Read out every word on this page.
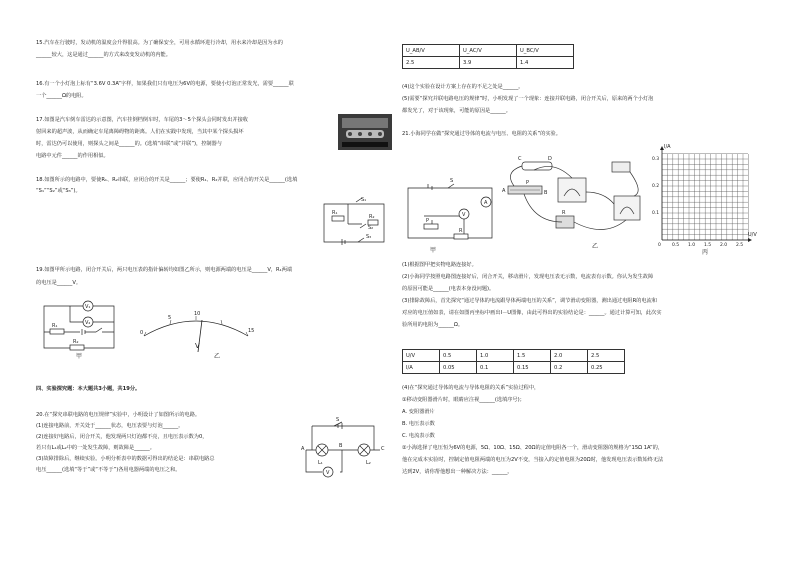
15.汽车在行驶时，发动机的温度会升得很高。为了确保安全，可用水循环进行冷却，用水来冷却是因为水的
______较大，这是通过______的方式来改变发动机的内能。
16.有一个小灯泡上标有“3.6V 0.3A”字样，如果我们只有电压为6V的电源，要使小灯泡正常发光，需要______联
一个______Ω的电阻。
17.如图是汽车倒车雷达的示意图，汽车挂倒档倒车时，车尾的3～5个探头会同时发出并接收
射回来的超声波，从而确定车尾离障碍物的距离。人们在实践中发现，当其中某个探头损坏
时，雷达仍可以使用，则探头之间是______的。(选填“串联”或“并联”)，控制器与
电路中元件______的作用相似。
18.如图所示的电路中，要使R₁、R₂串联，应闭合的开关是______；要使R₁、R₂并联，应闭合的开关是______(选填
“S₁”“S₂”或“S₃”)。
S₁
S₂
S₃
R₁
R₂
19.如图甲所示电路，闭合开关后，两只电压表的指针偏转均如图乙所示，则电源两端的电压是______V，R₁两端
的电压是______V。
V₁
V₂
R₁
R₂
甲
0
5
10
15
V
乙
四、实验探究题：本大题共3小题，共19分。
20.在“探究串联电路的电压规律”实验中，小明设计了如图所示的电路。
(1)连接电路前，开关处于______状态，电压表要与灯泡______。
(2)连接好电路后，闭合开关，他发现两只灯泡都不亮，且电压表示数为0，
若只有L₁或L₂中的一处发生故障，则故障是______。
(3)故障排除后，继续实验。小明分析表中的数据可得出的结论是：串联电路总
电压______(选填“等于”或“不等于”)各用电器两端的电压之和。
A	B	C
S
L₁	L₂
V
U_AB/V	U_AC/V	U_BC/V
2.5	3.9	1.4
(4)这个实验在设计方案上存在的不足之处是______。
(5)需要“探究并联电路电压的规律”时，小明发现了一个现象：连接并联电路，闭合开关后，原来的两个小灯泡
都发光了，对于该现象，可能的原因是______。
21.小海同学在做“探究通过导体的电流与电压、电阻的关系”的实验。
S
A
V
P
R
甲
C	D
A	B
P
R
乙
I/A
U/V
0.3
0.2
0.1
0 0.5 1.0 1.5 2.0 2.5
丙
(1)根据图甲把实物电路连接好。
(2)小海同学按照电路图连接好后，闭合开关，移动滑片，发现电压表无示数，电流表有示数。你认为发生故障
的原因可能是______(电表本身没问题)。
(3)排除故障后，首先探究“通过导体的电流跟导体两端电压的关系”，调节滑动变阻器，测出通过电阻R的电流和
对应的电压值如表，请在如图丙坐标中画出I－U图像，由此可得出的实验结论是：______。通过计算可知，此次实
验所用的电阻为______Ω。
U/V	0.5	1.0	1.5	2.0	2.5
I/A	0.05	0.1	0.15	0.2	0.25
(4)在“探究通过导体的电流与导体电阻的关系”实验过程中，
①移动变阻器滑片时，眼睛应注视______(选填序号)；
A. 变阻器滑片
B. 电压表示数
C. 电流表示数
②小海选择了电压恒为6V的电源，5Ω、10Ω、15Ω、20Ω的定值电阻各一个，滑动变阻器的规格为“15Ω 1A”的，
他在完成本实验时，控制定值电阻两端的电压为2V不变，当接入的定值电阻为20Ω时，他发现电压表示数始终无法
达到2V，请你帮他想出一种解决方法：______。
